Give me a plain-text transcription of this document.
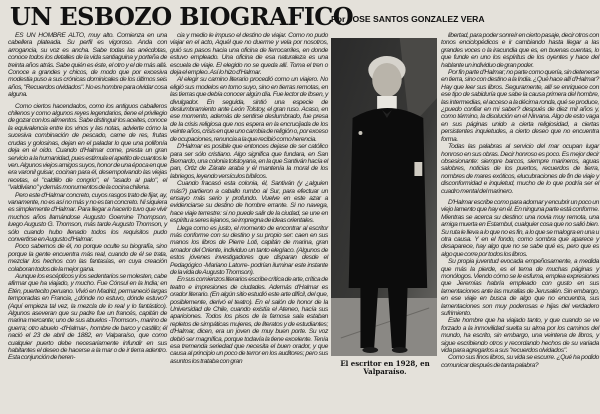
UN ESBOZO BIOGRAFICO
Por JOSE SANTOS GONZALEZ VERA

ES UN HOMBRE ALTO, muy alto. Comienza en una cabellera plateada. Su perfil es vigoroso. Anda con arrogancia, su voz es ancha. Sabe todas las anécdotas, conoce todos los detalles de la vida santiaguina y porteña de treinta años atrás. Sabe quién es éste, el otro y el de más allá. Conoce a grandes y chicos, de modo que por excesiva modestia puso a sus crónicas dominicales de los últimos seis años, "Recuerdos olvidados". No es hombre para olvidar cosa alguna.

Como ciertos hacendados, como los antiguos caballeros chilenos y como algunos reyes legendarios, tiene el privilegio de gozar con los alimentos. Sabe distinguir los aceites, conoce la equivalencia entre los vinos y las notas, advierte cómo la sucesiva combinación de pescado, carne de res, frutas crudas y golosinas, dejan en el paladar lo que una polifonía deja en el oído. Cuando d'Halmar come, presta un gran servicio a la humanidad, pues estimula el apetito de cuantos le ven. Algunos viejos amigos suyos, honor de una época en que era varonil guisar, cocinan para él, desempolvando las viejas recetas, el "caldillo de congrio", el "asado al palo", el "valdiviano" y demás monumentos de la cocina chilena.

Pero este d'Halmar concreto, cuyos rasgos trato de fijar, ay, vanamente, no es así no más y no es tan concreto. Ni siquiera es simplemente d'Halmar. Para llegar a hacerlo tuvo que vivir muchos años llamándose Augusto Goemine Thompson, luego Augusto G. Thomson, más tarde Augusto Thomson, y sólo cuando hubo llenado todos los requisitos pudo convertirse en Augusto d'Halmar.

Poco sabemos de él, no porque oculte su biografía, sino porque la gente encuentra más real, cuando de él se trata, mezclar los hechos con las fantasías, en cuya creación colaboran todos de la mejor gana.

Aunque los escépticos y los sedentarios se molesten, cabe afirmar que ha viajado, y mucho. Fue Cónsul en la India; en Etén, puertecito peruano. Vivió en Madrid, permaneció largas temporadas en Francia, ¿dónde no estuvo, dónde estuvo? (Aquí empieza tal vez, la mezcla de lo real y lo fantástico). Algunos aseveran que su padre fue un francés, capitán de marina mercante; uno de sus abuelos -Thomson-, marino de guerra; otro abuelo -d'Halmar-, hombre de barco y castillo; él nació el 23 de abril de 1882, en Valparaíso, que como cualquier puerto debe necesariamente infundir en sus habitantes el deseo de hacerse a la mar o de ir tierra adentro. Esta conjunción de heren-

cia y medio le impuso el destino de viajar. Como no pudo viajar en el acto, Aquél que no duerme y vela por nosotros, guió sus pasos hacia una oficina de ferrocarriles, en donde estuvo empleado. Una oficina de esa naturaleza es una escuela de viaje. El elegido no se queda allí. Toma el tren o deja el empleo. Así lo hizo d'Halmar.

Al elegir su camino literario procedió como un viajero. No eligió sus modelos en torno suyo, sino en tierras remotas, en las tierras que debía conocer algún día. Fue lector de Ibsen, y divulgador. En seguida, sintió una especie de deslumbramiento ante León Tolstoy, el gran ruso. Acaso, en ese momento, además de sentirse deslumbrado, fue presa de la crisis religiosa que nos espera en la encrucijada de los veinte años, crisis en que uno cambia de religión o, por exceso de ocupaciones, renuncia a la que recibió como herencia.

D'Halmar es posible que entonces dejase de ser católico para ser sólo cristiano. Algo significa que fundara, en San Bernardo, una colonia tolstoyana, en la que Santiván hacía el pan, Ortiz de Zárate araba y él mantenía la moral de los labriegos, leyendo versículos bíblicos.

Cuando fracasó esta colonia, él, Santiván (y ¿alguien más?) partieron a caballo rumbo al Sur, para efectuar un ensayo más serio y profundo. Vuelve en este azar a evidenciarse su destino de hombre errante. Si no navega, hace viaje terrestre: si no puede salir de la ciudad, se une en espíritu a seres lejanos, se impregna de ideas orientales.

Llega como es justo, el momento de encontrar al escritor más conforme con su destino y su propio ser: caen en sus manos los libros de Pierre Loti, capitán de marina, gran amador del Oriente, individuo un tanto elegíaco. (Algunos de estos jóvenes investigadores que disparan desde el Pedagógico -Mariano Latorre- podrían iluminar este instante de la vida de Augusto Thomson).

En sus comienzos literarios escribe crítica de arte, crítica de teatro e impresiones de ciudades. Además d'Halmar es orador literario. (En algún sitio estudió este arte difícil, del que, posiblemente, derivó el teatro). En el salón de honor de la Universidad de Chile, cuando existía el Ateneo, hacía sus apariciones. Todos los pisos de la famosa sala estaban repletos de simpáticas mujeres, de literatos y de estudiantes; d'Halmar, dicen, era un joven de muy buen porte. Su voz debió ser magnífica, porque todavía la tiene excelente. Tenía esa tremenda seriedad que necesita el buen orador, y que causa al principio un poco de terror en los auditores; pero sus asuntos los trataba con gran	El escritor en 1928, en Valparaíso.

libertad, para poder sonreír en cierto pasaje, decir otros con tonos enciclopédicos e ir cambiando hasta llegar a las grandes voces o la iracundia que es, en buenas cuentas, lo que funde en uno los espíritus de los oyentes y hace del hablante un individuo de gran poder.

Por fin parte d'Halmar; no parte como quería, sin detenerse en tierra, sino con destino a la India. ¿Qué hace allí d'Halmar? Hay que leer sus libros. Seguramente, allí se enriquece con ese tipo de sabiduría que sabe la causa primera del hombre, las intermedias, el acceso a la décima ronda, qué se produce, ¿puedo confiar en mi saber? después de diez mil años y, como término, la disolución en el Nirvana. Algo de esto vaga en sus páginas unido a cierta religiosidad, a ciertas persistentes inquietudes, a cierto deseo que no encuentra forma.

Todas las palabras al servicio del mar ocupan lugar honroso en sus obras. Decir honroso es poco. Es mejor decir obsesionante: siempre barcos, siempre marineros, aguas salobres, noticias de los puertos, recuerdos de tierra, nombres de mares exóticos, elucubraciones de fin de viaje y disconformidad e inquietud, mucho de lo que podría ser el cuadro mental del marinero.

D'Halmar escribe como para adornar y encubrir un poco un viejo lamento que hay en él. En ninguna parte está conforme. Mientras se acerca su destino: una novia muy remota, una amiga muerta en Estambul, cualquier cosa que no salió bien. Su ruta le lleva a lo que no es fin, a lo que se malogra en una u otra causa. Y en el fondo, como sombra que aparece y desaparece, hay algo que no se sabe qué es, pero que es algo que corre por todos los libros.

Su propia juventud evocada empeñosamente, a medida que más la pierde, es el tema de muchas páginas y monólogos. Viendo cómo se le esfuma, emplea expresiones que Jeremías habría empleado con gusto en sus lamentaciones ante las murallas de Jerusalén. Sin embargo, en ese viaje en busca de algo que no encuentra, sus lamentaciones son muy poderosas e hijas del verdadero sufrimiento.

Este hombre que ha viajado tanto, y que cuando se ve forzado a la inmovilidad suelta su alma por los caminos del mundo, ha escrito, sin embargo, una veintena de libros, y sigue escribiendo otros y recordando hechos de su variada vida para agregarlos a sus "recuerdos olvidados".

Como sus finos libros, su vida se escurre. ¿Qué ha podido comunicar después de tanta palabra?
